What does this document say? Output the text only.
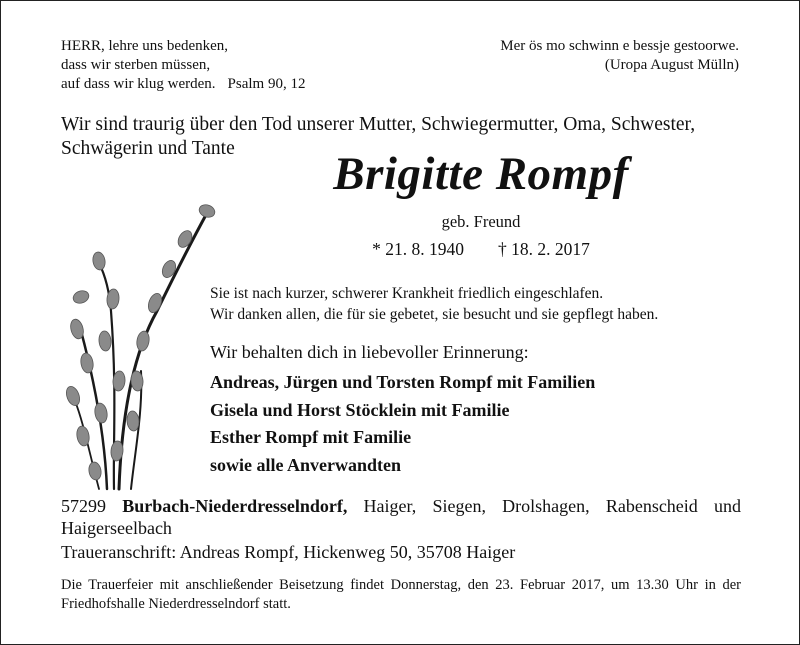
HERR, lehre uns bedenken,
dass wir sterben müssen,
auf dass wir klug werden. Psalm 90, 12
Mer ös mo schwinn e bessje gestoorwe.
(Uropa August Mülln)
Wir sind traurig über den Tod unserer Mutter, Schwiegermutter, Oma, Schwester,
Schwägerin und Tante	Brigitte Rompf
geb. Freund
* 21. 8. 1940 † 18. 2. 2017
Sie ist nach kurzer, schwerer Krankheit friedlich eingeschlafen.
Wir danken allen, die für sie gebetet, sie besucht und sie gepflegt haben.
Wir behalten dich in liebevoller Erinnerung:
Andreas, Jürgen und Torsten Rompf mit Familien
Gisela und Horst Stöcklein mit Familie
Esther Rompf mit Familie
sowie alle Anverwandten
57299 Burbach-Niederdresselndorf, Haiger, Siegen, Drolshagen, Rabenscheid und Haigerseelbach
Traueranschrift: Andreas Rompf, Hickenweg 50, 35708 Haiger
Die Trauerfeier mit anschließender Beisetzung findet Donnerstag, den 23. Februar 2017, um 13.30 Uhr in der Friedhofshalle Niederdresselndorf statt.
